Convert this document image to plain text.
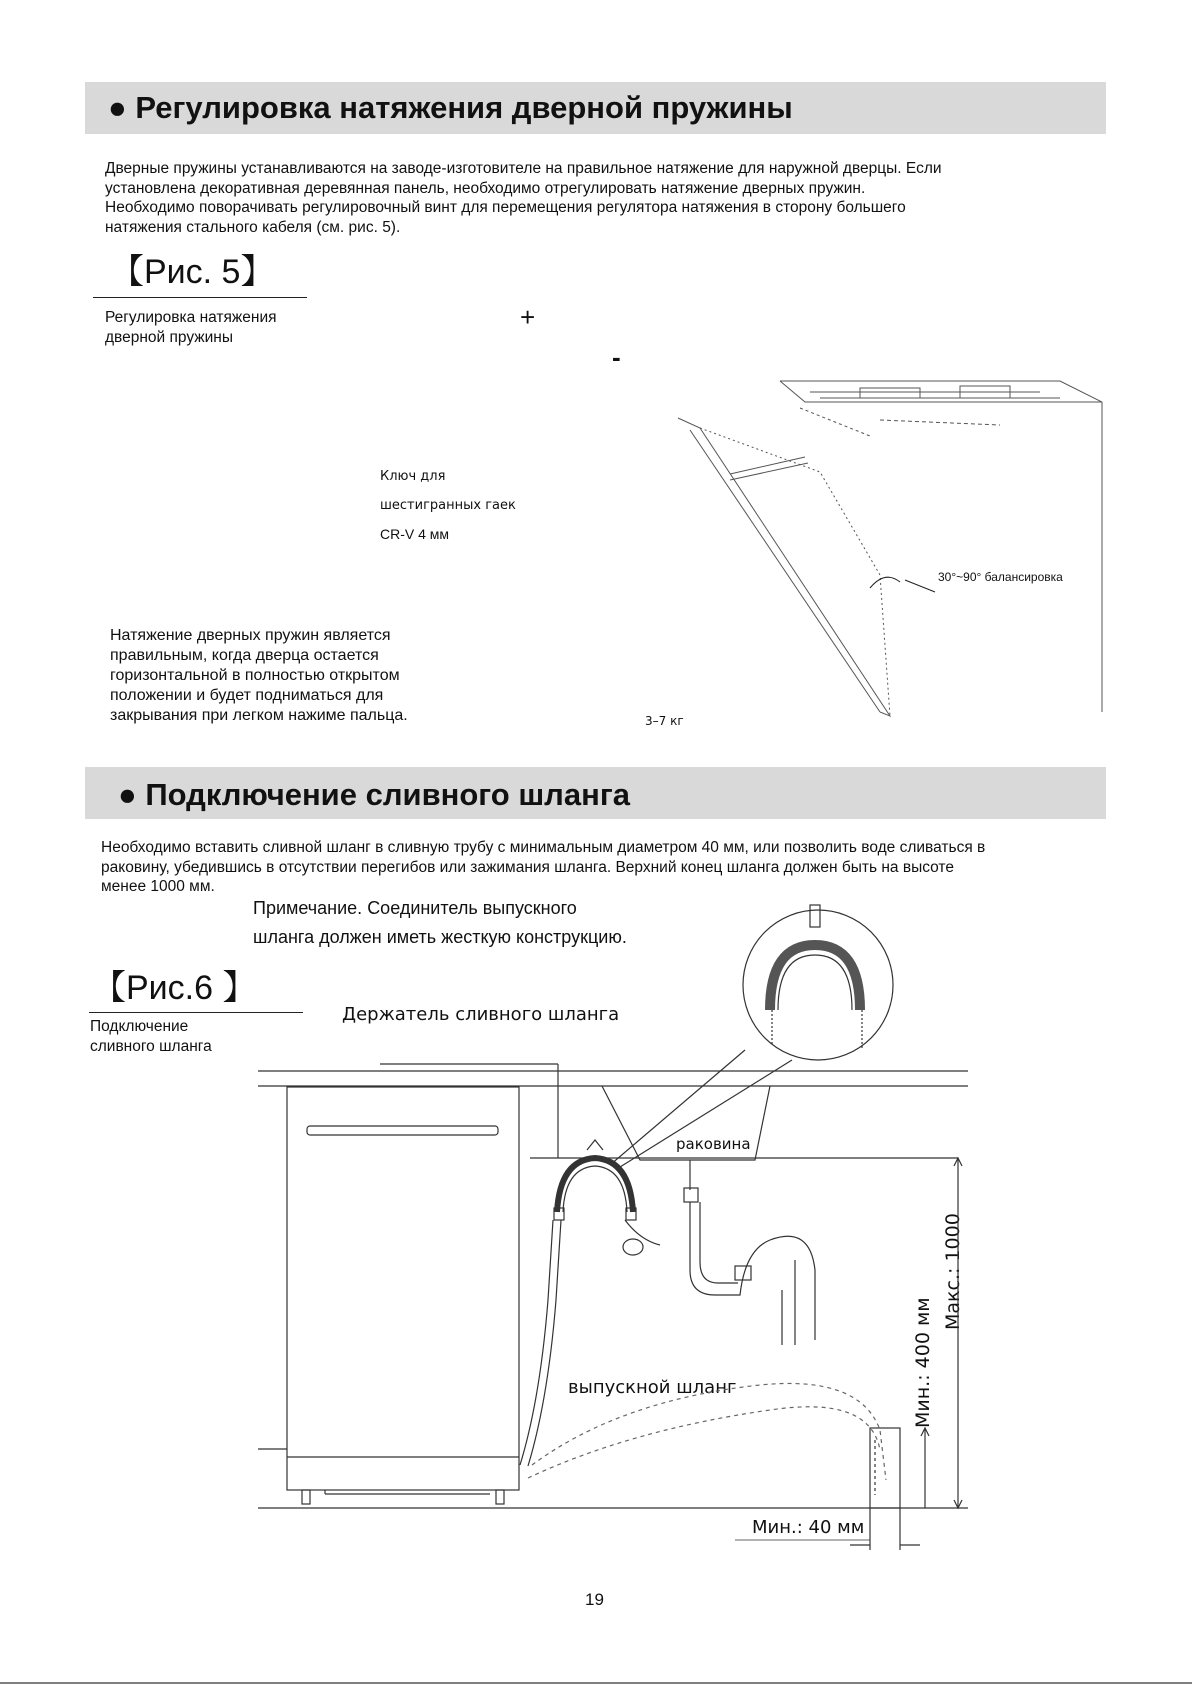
● Регулировка натяжения дверной пружины
Дверные пружины устанавливаются на заводе-изготовителе на правильное натяжение для наружной дверцы. Если
установлена декоративная деревянная панель, необходимо отрегулировать натяжение дверных пружин.
Необходимо поворачивать регулировочный винт для перемещения регулятора натяжения в сторону большего
натяжения стального кабеля (см. рис. 5).
【Рис. 5】
Регулировка натяжения
дверной пружины
+
-
Ключ для
шестигранных гаек
CR-V 4 мм
30°~90° балансировка
3–7 кг
Натяжение дверных пружин является
правильным, когда дверца остается
горизонтальной в полностью открытом
положении и будет подниматься для
закрывания при легком нажиме пальца.
● Подключение сливного шланга
Необходимо вставить сливной шланг в сливную трубу с минимальным диаметром 40 мм, или позволить воде сливаться в
раковину, убедившись в отсутствии перегибов или зажимания шланга. Верхний конец шланга должен быть на высоте
менее 1000 мм.
Примечание. Соединитель выпускного
шланга должен иметь жесткую конструкцию.
【Рис.6 】
Подключение
сливного шланга
Держатель сливного шланга
раковина
выпускной шланг
Мин.: 40 мм
Мин.: 400 мм
Макс.: 1000
19
